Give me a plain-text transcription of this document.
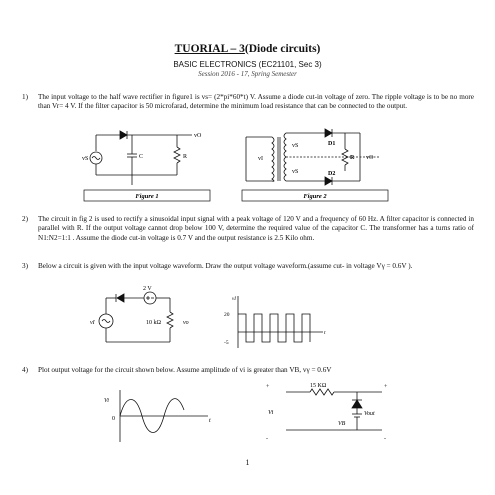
TUORIAL – 3(Diode circuits)
BASIC ELECTRONICS (EC21101, Sec 3)
Session 2016 - 17, Spring Semester
1) The input voltage to the half wave rectifier in figure1 is vs= (2*pi*60*t) V. Assume a diode cut-in voltage of zero. The ripple voltage is to be no more than Vr= 4 V. If the filter capacitor is 50 microfarad, determine the minimum load resistance that can be connected to the output.
vS	C	R
vO
Figure 1
vS
vS
vI
D1
D2
R vO
Figure 2
2) The circuit in fig 2 is used to rectify a sinusoidal input signal with a peak voltage of 120 V and a frequency of 60 Hz. A filter capacitor is connected in parallel with R. If the output voltage cannot drop below 100 V, determine the required value of the capacitor C. The transformer has a turns ratio of N1:N2=1:1 . Assume the diode cut-in voltage is 0.7 V and the output resistance is 2.5 Kilo ohm.
3) Below a circuit is given with the input voltage waveform. Draw the output voltage waveform.(assume cut- in voltage Vγ = 0.6V ).
2 V
10 kΩ
vI	vo
vI
20
-5
t
4) Plot output voltage for the circuit shown below. Assume amplitude of vi is greater than VB, vγ = 0.6V
Vi
0	t
+	+
-	-
15 KΩ
Vi
VB
Vout
1
